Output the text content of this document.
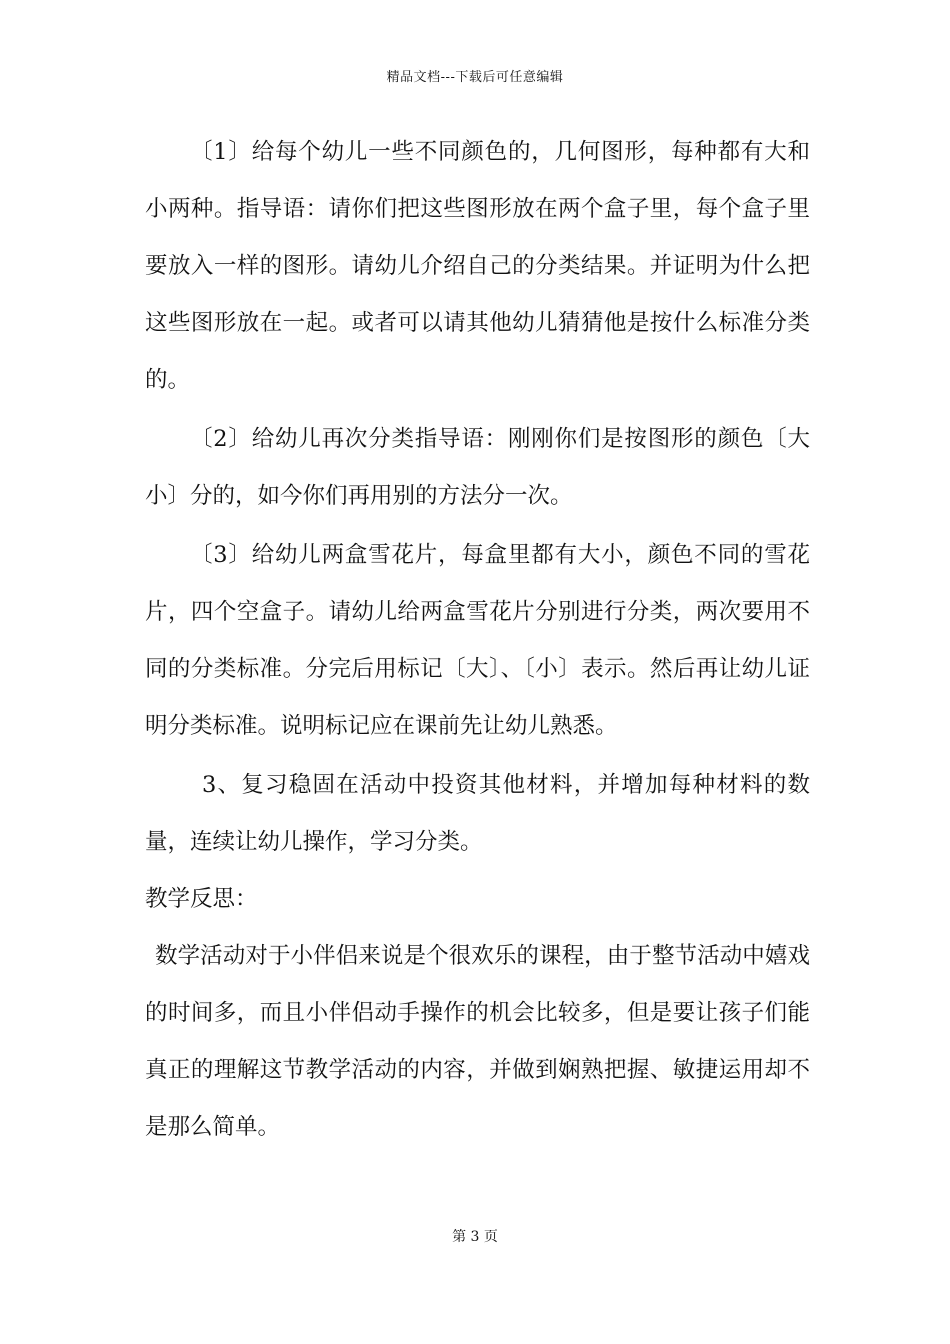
精品文档---下载后可任意编辑

〔1〕给每个幼儿一些不同颜色的，几何图形，每种都有大和小两种。指导语：请你们把这些图形放在两个盒子里，每个盒子里要放入一样的图形。请幼儿介绍自己的分类结果。并证明为什么把这些图形放在一起。或者可以请其他幼儿猜猜他是按什么标准分类的。

〔2〕给幼儿再次分类指导语：刚刚你们是按图形的颜色〔大小〕分的，如今你们再用别的方法分一次。

〔3〕给幼儿两盒雪花片，每盒里都有大小，颜色不同的雪花片，四个空盒子。请幼儿给两盒雪花片分别进行分类，两次要用不同的分类标准。分完后用标记〔大〕、〔小〕表示。然后再让幼儿证明分类标准。说明标记应在课前先让幼儿熟悉。

3、复习稳固在活动中投资其他材料，并增加每种材料的数量，连续让幼儿操作，学习分类。

教学反思：

数学活动对于小伴侣来说是个很欢乐的课程，由于整节活动中嬉戏的时间多，而且小伴侣动手操作的机会比较多，但是要让孩子们能真正的理解这节教学活动的内容，并做到娴熟把握、敏捷运用却不是那么简单。

第 3 页
